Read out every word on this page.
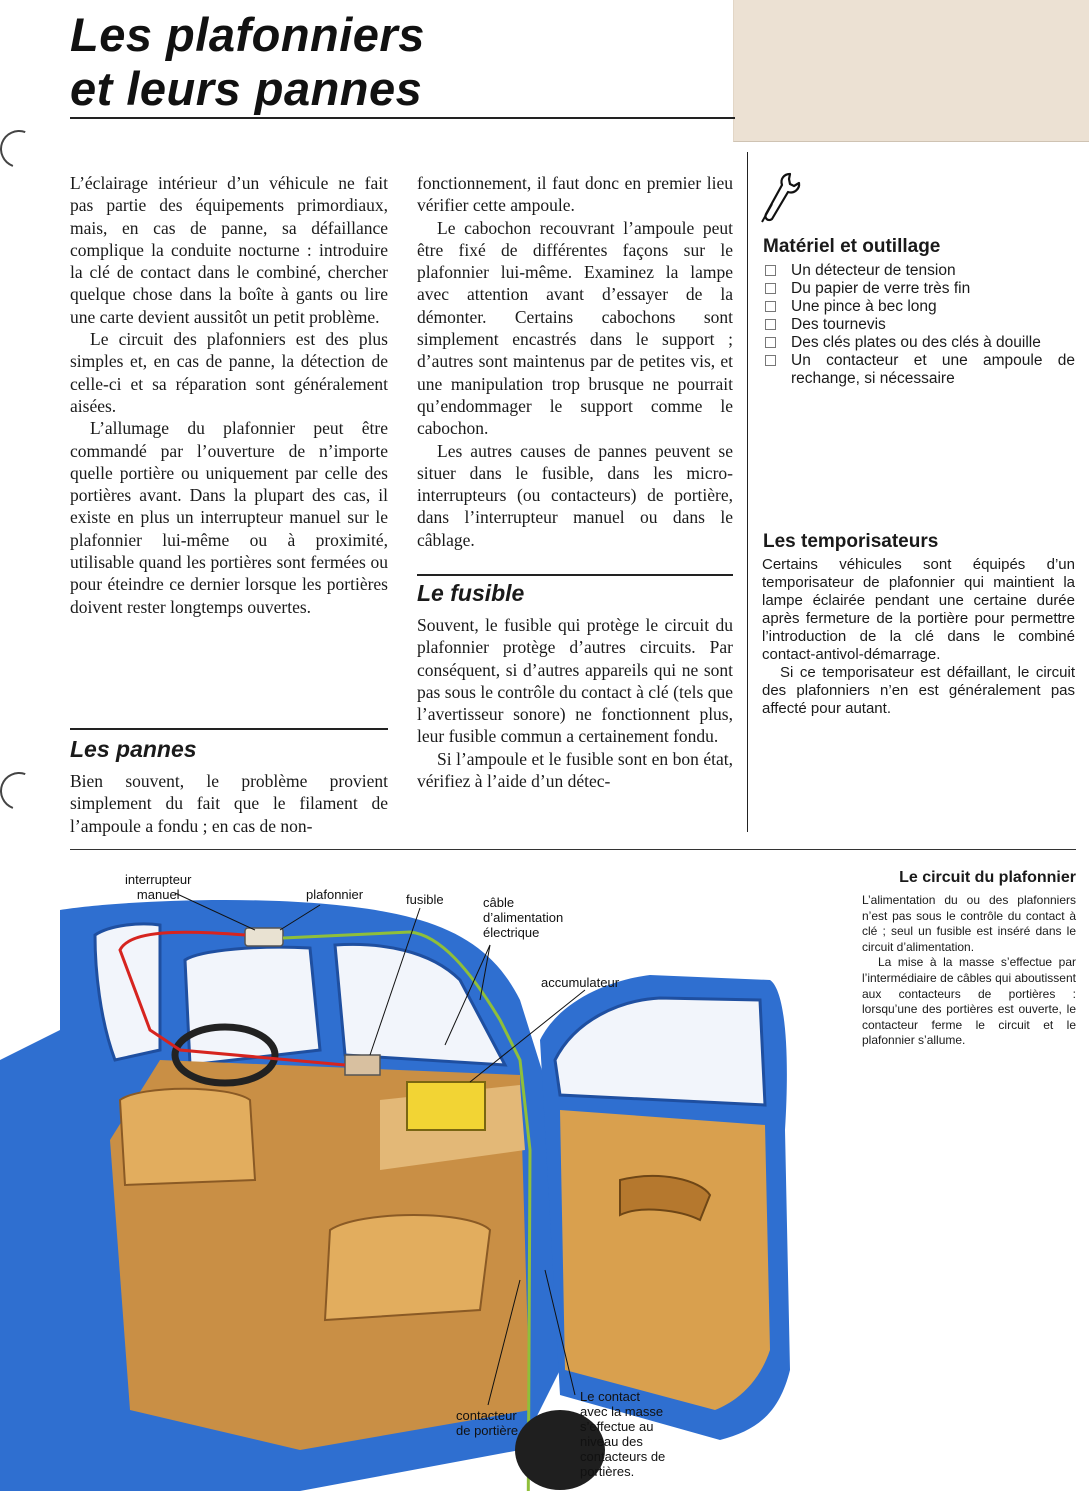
Les plafonniers
et leurs pannes

L’éclairage intérieur d’un véhicule ne fait pas partie des équipements primordiaux, mais, en cas de panne, sa défaillance complique la conduite nocturne : introduire la clé de contact dans le combiné, chercher quelque chose dans la boîte à gants ou lire une carte devient aussitôt un petit problème.

Le circuit des plafonniers est des plus simples et, en cas de panne, la détection de celle-ci et sa réparation sont généralement aisées.

L’allumage du plafonnier peut être commandé par l’ouverture de n’importe quelle portière ou uniquement par celle des portières avant. Dans la plupart des cas, il existe en plus un interrupteur manuel sur le plafonnier lui-même ou à proximité, utilisable quand les portières sont fermées ou pour éteindre ce dernier lorsque les portières doivent rester longtemps ouvertes.

Les pannes

Bien souvent, le problème provient simplement du fait que le filament de l’ampoule a fondu ; en cas de non-

fonctionnement, il faut donc en premier lieu vérifier cette ampoule.

Le cabochon recouvrant l’ampoule peut être fixé de différentes façons sur le plafonnier lui-même. Examinez la lampe avec attention avant d’essayer de la démonter. Certains cabochons sont simplement encastrés dans le support ; d’autres sont maintenus par de petites vis, et une manipulation trop brusque ne pourrait qu’endommager le support comme le cabochon.

Les autres causes de pannes peuvent se situer dans le fusible, dans les micro-interrupteurs (ou contacteurs) de portière, dans l’interrupteur manuel ou dans le câblage.

Le fusible

Souvent, le fusible qui protège le circuit du plafonnier protège d’autres circuits. Par conséquent, si d’autres appareils qui ne sont pas sous le contrôle du contact à clé (tels que l’avertisseur sonore) ne fonctionnent plus, leur fusible commun a certainement fondu.

Si l’ampoule et le fusible sont en bon état, vérifiez à l’aide d’un détec-

Matériel et outillage
Un détecteur de tension
Du papier de verre très fin
Une pince à bec long
Des tournevis
Des clés plates ou des clés à douille
Un contacteur et une ampoule de rechange, si nécessaire
Les temporisateurs

Certains véhicules sont équipés d’un temporisateur de plafonnier qui maintient la lampe éclairée pendant une certaine durée après fermeture de la portière pour permettre l’introduction de la clé dans le combiné contact-antivol-démarrage.

Si ce temporisateur est défaillant, le circuit des plafonniers n’en est généralement pas affecté pour autant.

interrupteur
manuel	plafonnier	fusible	câble
d’alimentation
électrique
accumulateur
contacteur
de portière
Le contact
avec la masse
s’effectue au
niveau des
contacteurs de
portières.
Le circuit du plafonnier

L’alimentation du ou des plafonniers n’est pas sous le contrôle du contact à clé ; seul un fusible est inséré dans le circuit d’alimentation.

La mise à la masse s’effectue par l’intermédiaire de câbles qui aboutissent aux contacteurs de portières : lorsqu’une des portières est ouverte, le contacteur ferme le circuit et le plafonnier s’allume.
